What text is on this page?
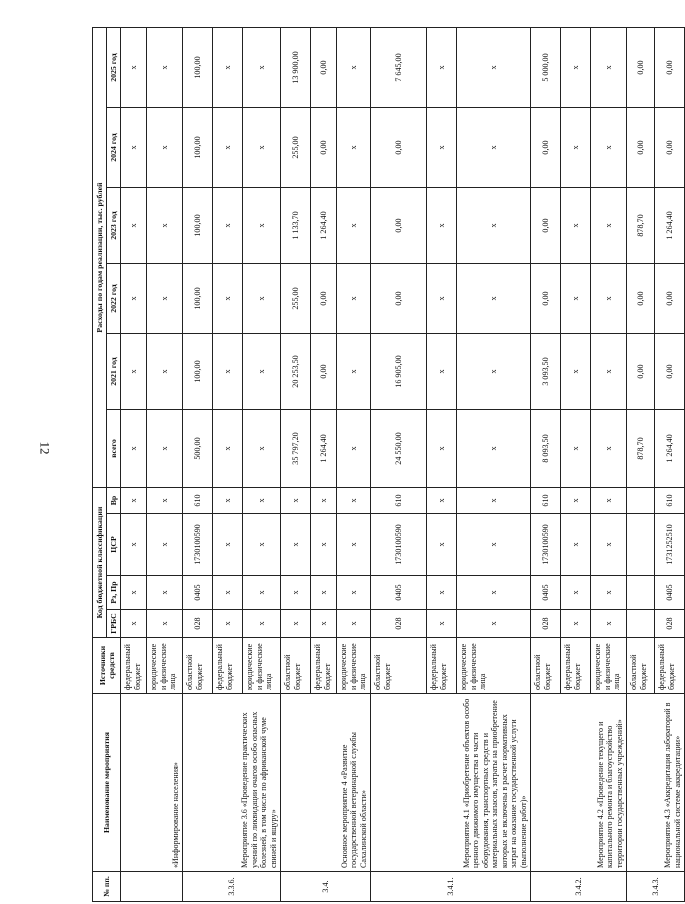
12
№ пп.	Наименование мероприятия	Источники средств	Код бюджетной классификации				Расходы по годам реализации, тыс. рублей					
			ГРБС	Рз, Пр	ЦСР	Вр	всего	2021 год	2022 год	2023 год	2024 год	2025 год
	«Информирование населения»	федеральный бюджет	х	х	х	х	х	х	х	х	х	х
		юридические и физические лица	х	х	х	х	х	х	х	х	х	х
3.3.6.	Мероприятие 3.6 «Проведение практических учений по ликвидации очагов особо опасных болезней, в том числе по африканской чуме свиней и ящуру»	областной бюджет	028	0405	1730100590	610	500,00	100,00	100,00	100,00	100,00	100,00
		федеральный бюджет	х	х	х	х	х	х	х	х	х	х
		юридические и физические лица	х	х	х	х	х	х	х	х	х	х
3.4.	Основное мероприятие 4 «Развитие государственной ветеринарной службы Сахалинской области»	областной бюджет	х	х	х	х	35 797,20	20 253,50	255,00	1 133,70	255,00	13 900,00
		федеральный бюджет	х	х	х	х	1 264,40	0,00	0,00	1 264,40	0,00	0,00
		юридические и физические лица	х	х	х	х	х	х	х	х	х	х
3.4.1.	Мероприятие 4.1 «Приобретение объектов особо ценного движимого имущества в части оборудования, транспортных средств и материальных запасов, затраты на приобретение которых не включены в расчет нормативных затрат на оказание государственной услуги (выполнение работ)»	областной бюджет	028	0405	1730100590	610	24 550,00	16 905,00	0,00	0,00	0,00	7 645,00
		федеральный бюджет	х	х	х	х	х	х	х	х	х	х
		юридические и физические лица	х	х	х	х	х	х	х	х	х	х
3.4.2.	Мероприятие 4.2 «Проведение текущего и капитального ремонта и благоустройство территории государственных учреждений»	областной бюджет	028	0405	1730100590	610	8 093,50	3 093,50	0,00	0,00	0,00	5 000,00
		федеральный бюджет	х	х	х	х	х	х	х	х	х	х
		юридические и физические лица	х	х	х	х	х	х	х	х	х	х
3.4.3.	Мероприятие 4.3 «Аккредитация лабораторий в национальной системе аккредитации»	областной бюджет					878,70	0,00	0,00	878,70	0,00	0,00
		федеральный бюджет	028	0405	1731252510	610	1 264,40	0,00	0,00	1 264,40	0,00	0,00
